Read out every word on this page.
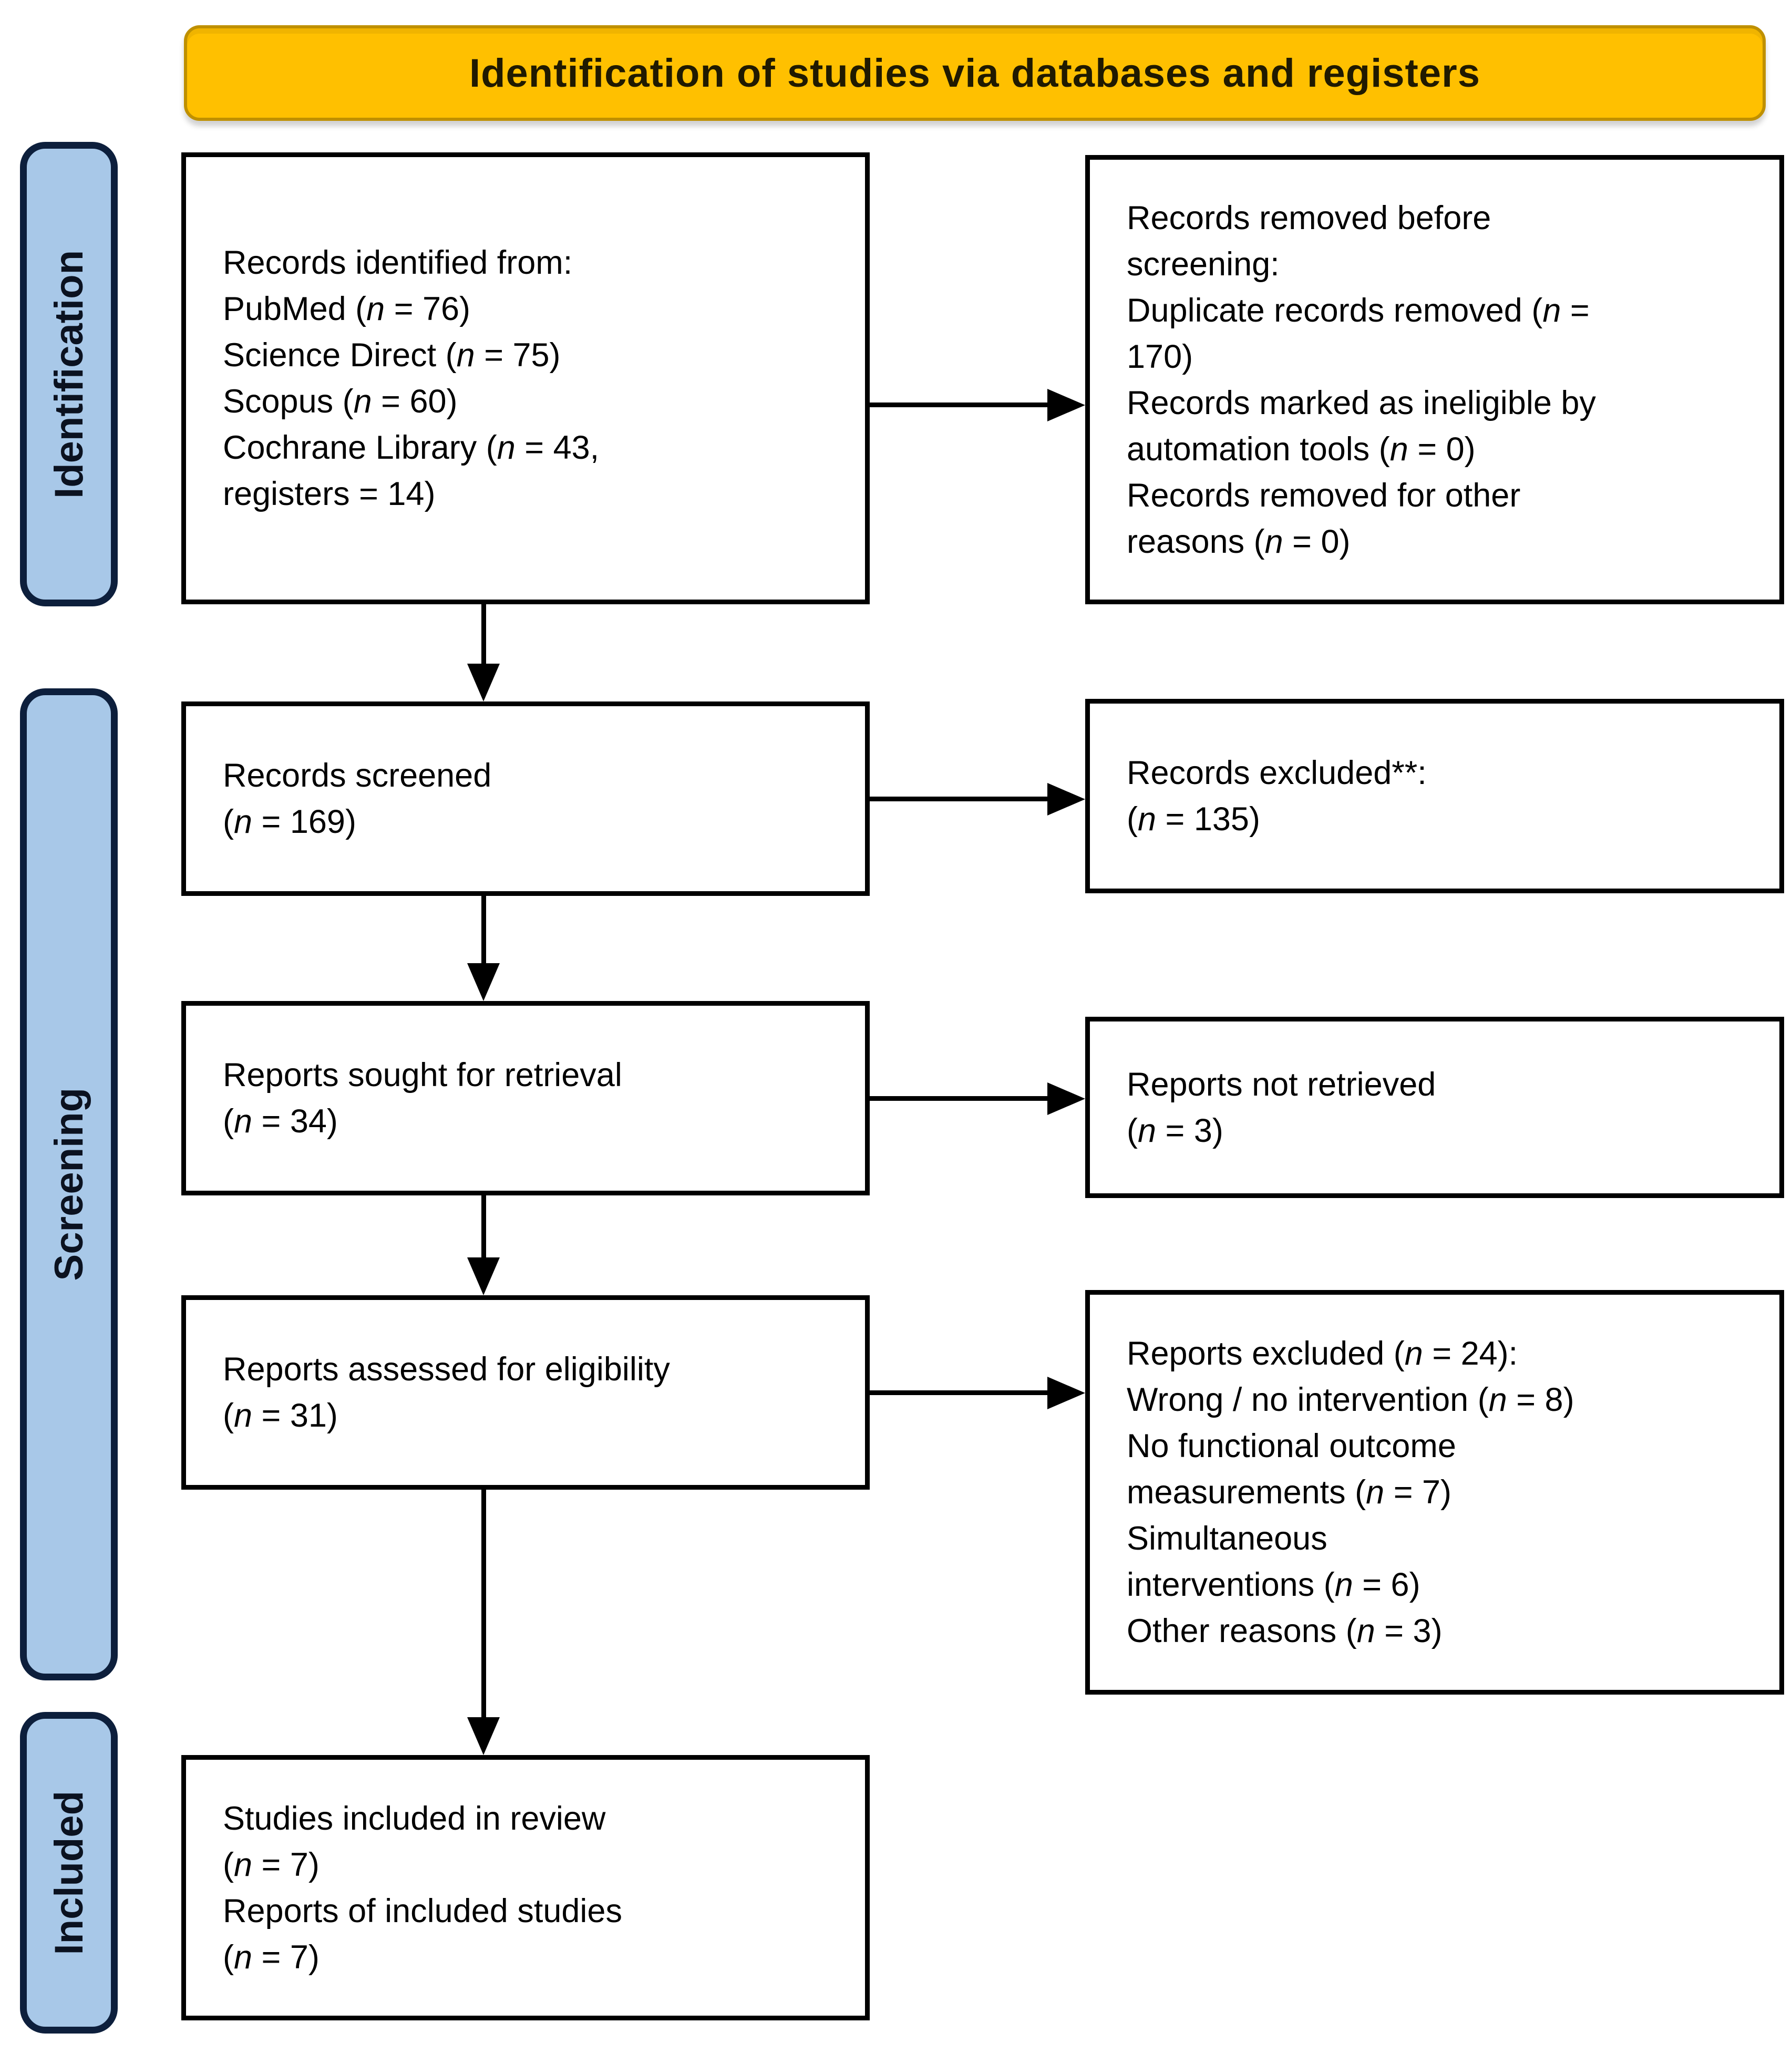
Identification of studies via databases and registers
Identification
Screening
Included
Records identified from:
PubMed (n = 76)
Science Direct (n = 75)
Scopus (n = 60)
Cochrane Library (n = 43,
registers = 14)
Records screened
(n = 169)
Reports sought for retrieval
(n = 34)
Reports assessed for eligibility
(n = 31)
Studies included in review
(n = 7)
Reports of included studies
(n = 7)
Records removed before
screening:
Duplicate records removed (n =
170)
Records marked as ineligible by
automation tools (n = 0)
Records removed for other
reasons (n = 0)
Records excluded**:
(n = 135)
Reports not retrieved
(n = 3)
Reports excluded (n = 24):
Wrong / no intervention (n = 8)
No functional outcome
measurements (n = 7)
Simultaneous
interventions (n = 6)
Other reasons (n = 3)
